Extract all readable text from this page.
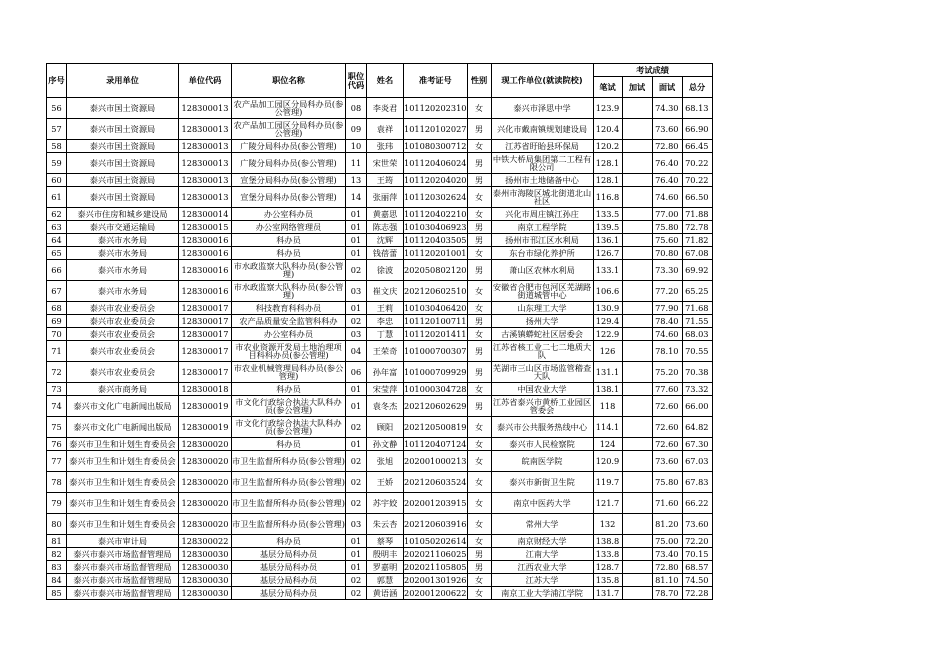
序号	录用单位	单位代码	职位名称	职位代码	姓名	准考证号	性别	现工作单位(就读院校)	考试成绩			
									笔试	加试	面试	总分
56	泰兴市国土资源局	128300013	农产品加工园区分局科办员(参公管理)	08	李炎君	101120202310	女	泰兴市泽思中学	123.9		74.30	68.13
57	泰兴市国土资源局	128300013	农产品加工园区分局科办员(参公管理)	09	袁祥	101120102027	男	兴化市戴南镇规划建设局	120.4		73.60	66.90
58	泰兴市国土资源局	128300013	广陵分局科办员(参公管理)	10	张玮	101080300712	女	江苏省盱眙县环保局	120.2		72.80	66.45
59	泰兴市国土资源局	128300013	广陵分局科办员(参公管理)	11	宋世荣	101120406024	男	中铁大桥局集团第二工程有限公司	128.1		76.40	70.22
60	泰兴市国土资源局	128300013	宣堡分局科办员(参公管理)	13	王筠	101120204020	男	扬州市土地储备中心	128.1		76.40	70.22
61	泰兴市国土资源局	128300013	宣堡分局科办员(参公管理)	14	张丽萍	101120302624	女	泰州市海陵区城北街道北山社区	116.8		74.60	66.50
62	泰兴市住房和城乡建设局	128300014	办公室科办员	01	黄嘉思	101120402210	女	兴化市周庄镇江孙庄	133.5		77.00	71.88
63	泰兴市交通运输局	128300015	办公室网络管理员	01	陈志强	101030406923	男	南京工程学院	139.5		75.80	72.78
64	泰兴市水务局	128300016	科办员	01	沈辉	101120403505	男	扬州市邗江区水利局	136.1		75.60	71.82
65	泰兴市水务局	128300016	科办员	01	钱蓓蕾	101120201001	女	东台市绿化养护所	126.7		70.80	67.08
66	泰兴市水务局	128300016	市水政监察大队科办员(参公管理)	02	徐波	202050802120	男	萧山区农林水利局	133.1		73.30	69.92
67	泰兴市水务局	128300016	市水政监察大队科办员(参公管理)	03	崔文庆	202120602510	女	安徽省合肥市包河区芜湖路街道城管中心	106.6		77.20	65.25
68	泰兴市农业委员会	128300017	科技教育科科办员	01	王莉	101030406420	女	山东理工大学	130.9		77.90	71.68
69	泰兴市农业委员会	128300017	农产品质量安全监管科科办	02	李忠	101120100711	男	扬州大学	129.4		78.40	71.55
70	泰兴市农业委员会	128300017	办公室科办员	03	丁慧	101120201411	女	古溪镇蟒蛇社区居委会	122.9		74.60	68.03
71	泰兴市农业委员会	128300017	市农业资源开发局土地治理项目科科办员(参公管理)	04	王荣奇	101000700307	男	江苏省核工业二七二地质大队	126		78.10	70.55
72	泰兴市农业委员会	128300017	市农业机械管理局科办员(参公管理)	06	孙年富	101000709929	男	芜湖市三山区市场监管稽查大队	131.1		75.20	70.38
73	泰兴市商务局	128300018	科办员	01	宋莹萍	101000304728	女	中国农业大学	138.1		77.60	73.32
74	泰兴市文化广电新闻出版局	128300019	市文化行政综合执法大队科办员(参公管理)	01	袁冬杰	202120602629	男	江苏省泰兴市黄桥工业园区管委会	118		72.60	66.00
75	泰兴市文化广电新闻出版局	128300019	市文化行政综合执法大队科办员(参公管理)	02	顾阳	202120500819	女	泰兴市公共服务热线中心	114.1		72.60	64.82
76	泰兴市卫生和计划生育委员会	128300020	科办员	01	孙文静	101120407124	女	泰兴市人民检察院	124		72.60	67.30
77	泰兴市卫生和计划生育委员会	128300020	市卫生监督所科办员(参公管理)	02	张旭	202001000213	女	皖南医学院	120.9		73.60	67.03
78	泰兴市卫生和计划生育委员会	128300020	市卫生监督所科办员(参公管理)	02	王娇	202120603524	女	泰兴市新街卫生院	119.7		75.80	67.83
79	泰兴市卫生和计划生育委员会	128300020	市卫生监督所科办员(参公管理)	02	苏宇姣	202001203915	女	南京中医药大学	121.7		71.60	66.22
80	泰兴市卫生和计划生育委员会	128300020	市卫生监督所科办员(参公管理)	03	朱云杏	202120603916	女	常州大学	132		81.20	73.60
81	泰兴市审计局	128300022	科办员	01	蔡琴	101050202614	女	南京财经大学	138.8		75.00	72.20
82	泰兴市泰兴市场监督管理局	128300030	基层分局科办员	01	殷明丰	202021106025	男	江南大学	133.8		73.40	70.15
83	泰兴市泰兴市场监督管理局	128300030	基层分局科办员	01	罗嘉明	202021105805	男	江西农业大学	128.7		72.80	68.57
84	泰兴市泰兴市场监督管理局	128300030	基层分局科办员	02	郭慧	202001301926	女	江苏大学	135.8		81.10	74.50
85	泰兴市泰兴市场监督管理局	128300030	基层分局科办员	02	黄语涵	202001200622	女	南京工业大学浦江学院	131.7		78.70	72.28
